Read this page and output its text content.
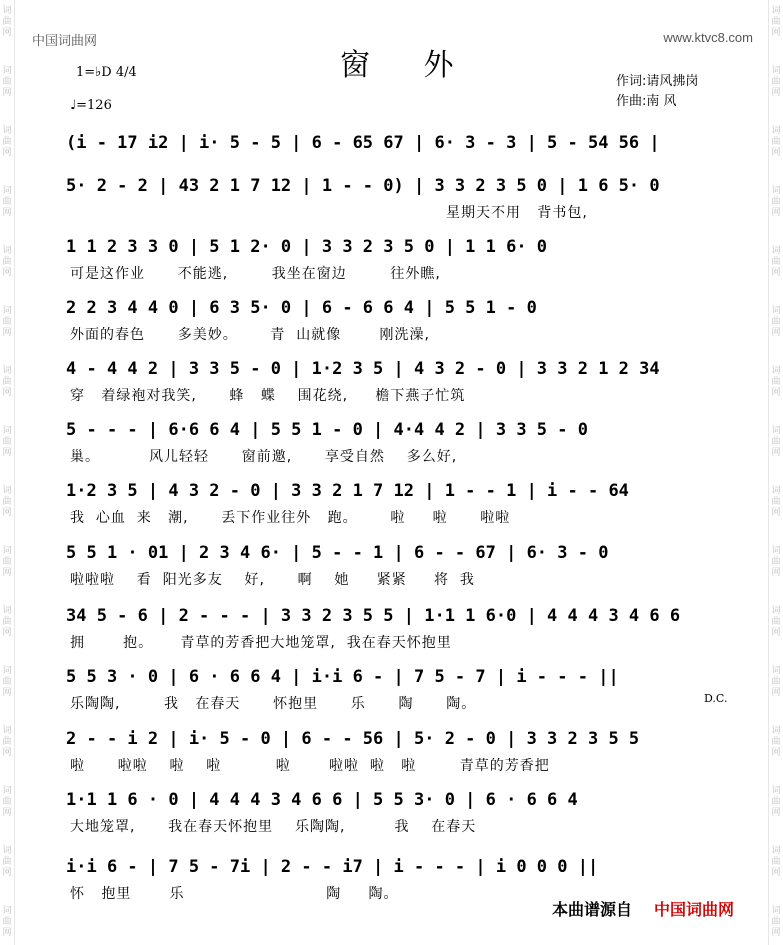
词
曲
网
词
曲
网
词
曲
网
词
曲
网
词
曲
网
词
曲
网
词
曲
网
词
曲
网
词
曲
网
词
曲
网
词
曲
网
词
曲
网
词
曲
网
词
曲
网
词
曲
网
词
曲
网
词
曲
网
词
曲
网
词
曲
网
词
曲
网
词
曲
网
词
曲
网
词
曲
网
词
曲
网
词
曲
网
词
曲
网
词
曲
网
词
曲
网
词
曲
网
词
曲
网
词
曲
网
词
曲
网
中国词曲网	www.ktvc8.com
窗 外
1=♭D 4/4
♩=126
作词:请风拂岗
作曲:南 风
(i - 17 i2 | i· 5 - 5 | 6 - 65 67 | 6· 3 - 3 | 5 - 54 56 |
5· 2 - 2 | 43 2 1 7 12 | 1 - - 0) | 3 3 2 3 5 0 | 1 6 5· 0
1 1 2 3 3 0 | 5 1 2· 0 | 3 3 2 3 5 0 | 1 1 6· 0
2 2 3 4 4 0 | 6 3 5· 0 | 6 - 6 6 4 | 5 5 1 - 0
4 - 4 4 2 | 3 3 5 - 0 | 1·2 3 5 | 4 3 2 - 0 | 3 3 2 1 2 34
5 - - - | 6·6 6 4 | 5 5 1 - 0 | 4·4 4 2 | 3 3 5 - 0
1·2 3 5 | 4 3 2 - 0 | 3 3 2 1 7 12 | 1 - - 1 | i - - 64
5 5 1 · 01 | 2 3 4 6· | 5 - - 1 | 6 - - 67 | 6· 3 - 0
34 5 - 6 | 2 - - - | 3 3 2 3 5 5 | 1·1 1 6·0 | 4 4 4 3 4 6 6
5 5 3 · 0 | 6 · 6 6 4 | i·i 6 - | 7 5 - 7 | i - - - ||
2 - - i 2 | i· 5 - 0 | 6 - - 56 | 5· 2 - 0 | 3 3 2 3 5 5
1·1 1 6 · 0 | 4 4 4 3 4 6 6 | 5 5 3· 0 | 6 · 6 6 4
i·i 6 - | 7 5 - 7i | 2 - - i7 | i - - - | i 0 0 0 ||
星期天不用   背书包,
可是这作业      不能逃,        我坐在窗边        往外瞧,
外面的春色      多美妙。      青  山就像       刚洗澡,
穿   着绿袍对我笑,      蜂   蝶    围花绕,     檐下燕子忙筑
巢。         风儿轻轻      窗前邀,      享受自然    多么好,
我  心血  来   潮,      丢下作业往外   跑。      啦     啦      啦啦
啦啦啦    看  阳光多友    好,      啊    她     紧紧     将  我
拥       抱。     青草的芳香把大地笼罩,  我在春天怀抱里
乐陶陶,        我   在春天      怀抱里      乐      陶      陶。
啦      啦啦    啦    啦          啦       啦啦  啦   啦        青草的芳香把
大地笼罩,      我在春天怀抱里    乐陶陶,         我    在春天
怀   抱里       乐                          陶     陶。
D.C.
本曲谱源自 中国词曲网
